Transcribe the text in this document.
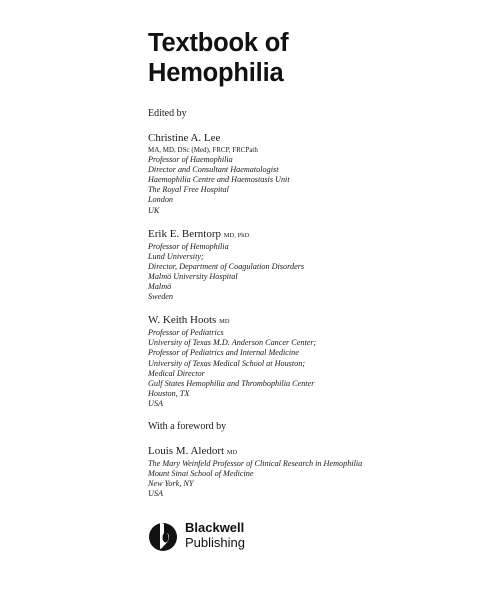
Textbook of
Hemophilia
Edited by
Christine A. Lee
MA, MD, DSc (Med), FRCP, FRCPath
Professor of Haemophilia
Director and Consultant Haematologist
Haemophilia Centre and Haemostasis Unit
The Royal Free Hospital
London
UK
Erik E. Berntorp MD, PhD
Professor of Hemophilia
Lund University;
Director, Department of Coagulation Disorders
Malmö University Hospital
Malmö
Sweden
W. Keith Hoots MD
Professor of Pediatrics
University of Texas M.D. Anderson Cancer Center;
Professor of Pediatrics and Internal Medicine
University of Texas Medical School at Houston;
Medical Director
Gulf States Hemophilia and Thrombophilia Center
Houston, TX
USA
With a foreword by
Louis M. Aledort MD
The Mary Weinfeld Professor of Clinical Research in Hemophilia
Mount Sinai School of Medicine
New York, NY
USA
Blackwell
Publishing
